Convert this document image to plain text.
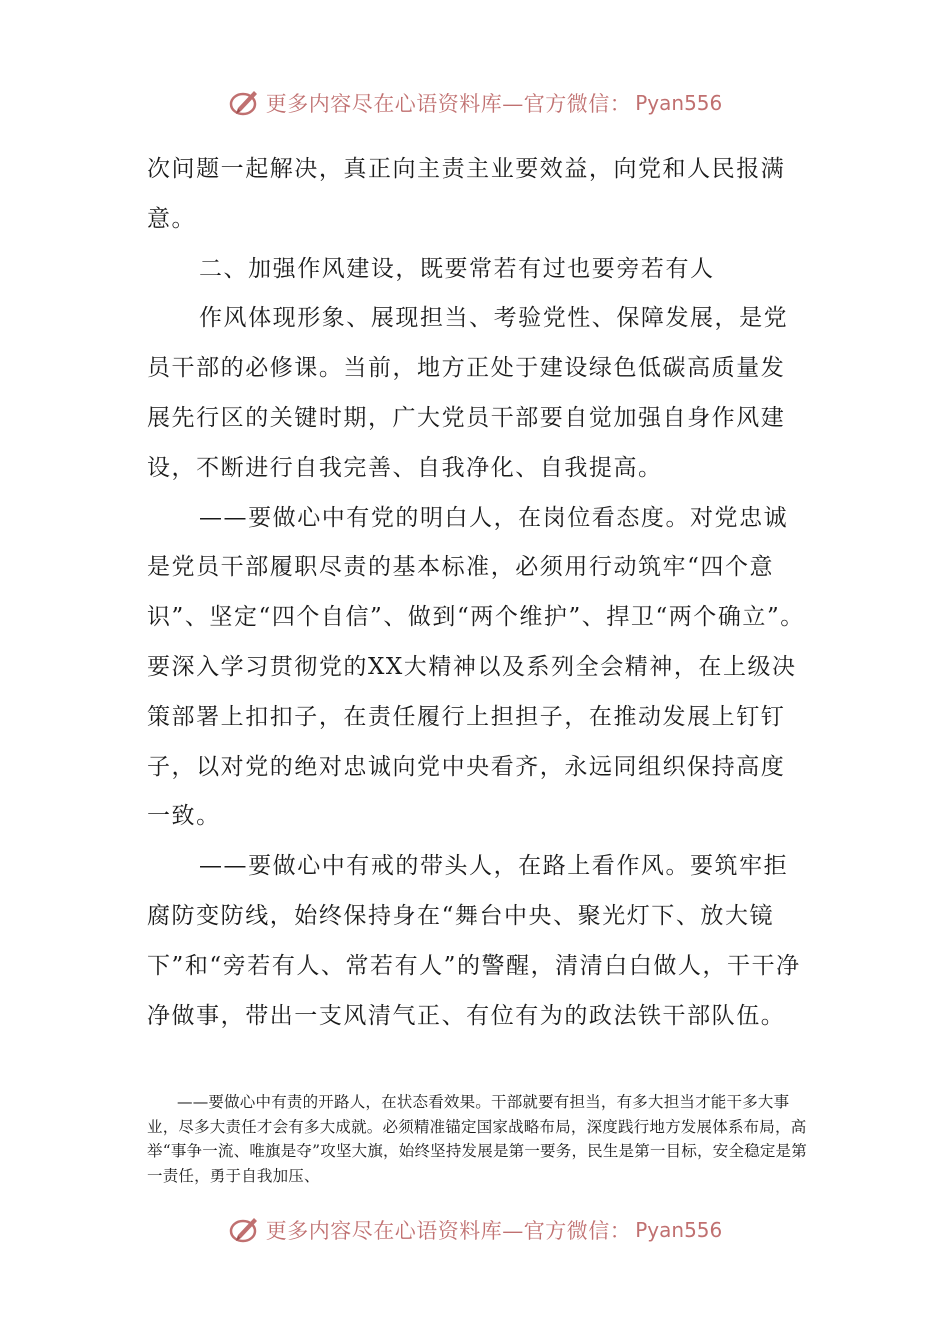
更多内容尽在心语资料库—官方微信： Pyan556

次问题一起解决，真正向主责主业要效益，向党和人民报满意。

二、加强作风建设，既要常若有过也要旁若有人

作风体现形象、展现担当、考验党性、保障发展，是党员干部的必修课。当前，地方正处于建设绿色低碳高质量发展先行区的关键时期，广大党员干部要自觉加强自身作风建设，不断进行自我完善、自我净化、自我提高。

——要做心中有党的明白人，在岗位看态度。对党忠诚是党员干部履职尽责的基本标准，必须用行动筑牢“四个意识”、坚定“四个自信”、做到“两个维护”、捍卫“两个确立”。要深入学习贯彻党的XX大精神以及系列全会精神，在上级决策部署上扣扣子，在责任履行上担担子，在推动发展上钉钉子，以对党的绝对忠诚向党中央看齐，永远同组织保持高度一致。

——要做心中有戒的带头人，在路上看作风。要筑牢拒腐防变防线，始终保持身在“舞台中央、聚光灯下、放大镜下”和“旁若有人、常若有人”的警醒，清清白白做人，干干净净做事，带出一支风清气正、有位有为的政法铁干部队伍。

——要做心中有责的开路人，在状态看效果。干部就要有担当，有多大担当才能干多大事业，尽多大责任才会有多大成就。必须精准锚定国家战略布局，深度践行地方发展体系布局，高举“事争一流、唯旗是夺”攻坚大旗，始终坚持发展是第一要务，民生是第一目标，安全稳定是第一责任，勇于自我加压、

更多内容尽在心语资料库—官方微信： Pyan556
